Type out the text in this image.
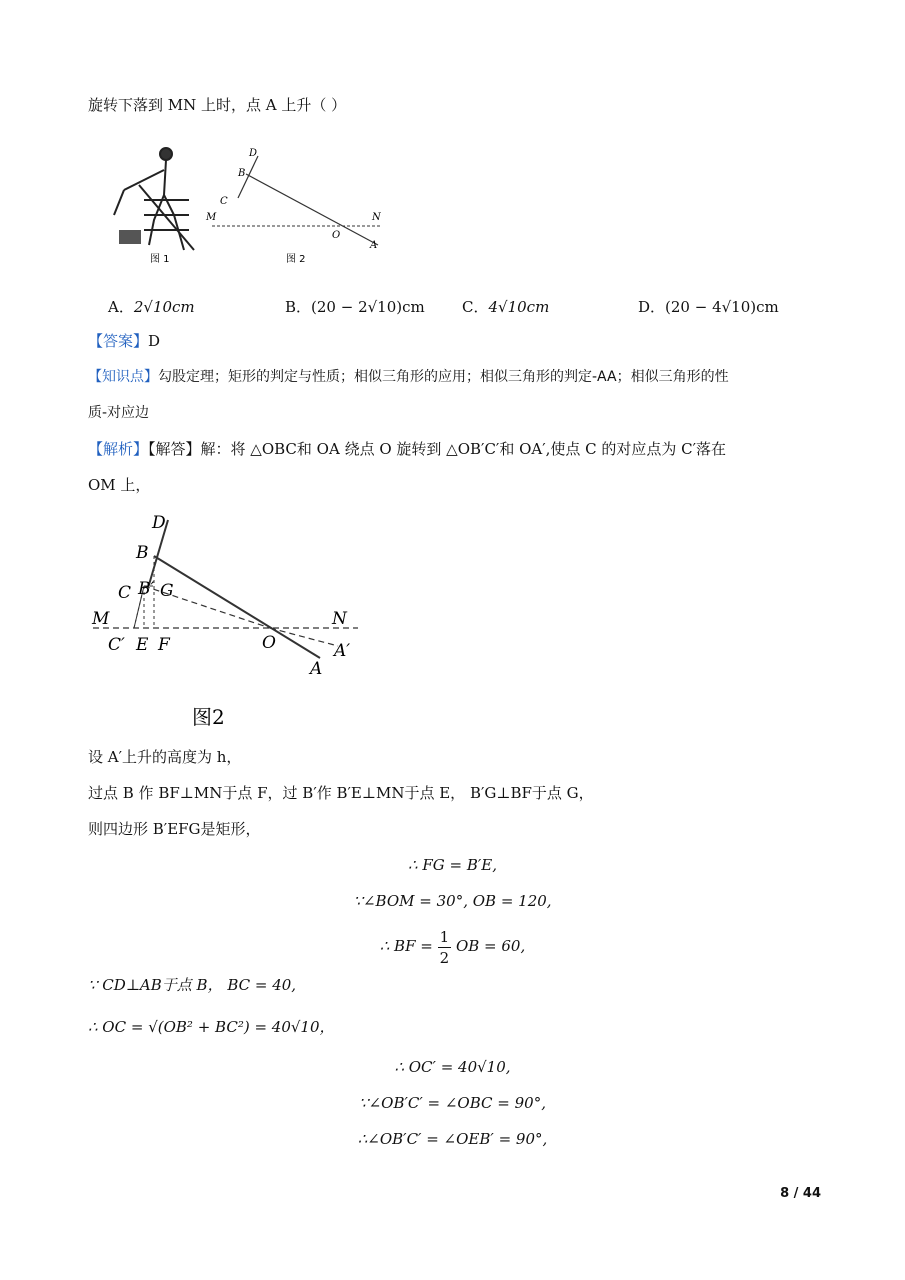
旋转下落到 MN 上时，点 A 上升（ ）
图 1
D
B
C
M	N
O
A
图 2
A．2√10cm	B．(20 − 2√10)cm C．4√10cm	D．(20 − 4√10)cm
【答案】D
【知识点】勾股定理；矩形的判定与性质；相似三角形的应用；相似三角形的判定-AA；相似三角形的性
质-对应边
【解析】【解答】解：将 △OBC和 OA 绕点 O 旋转到 △OB′C′和 OA′,使点 C 的对应点为 C′落在
OM 上，
D
B
C B′ G
M	N
C′ E F	O	A′
A
图2
设 A′上升的高度为 h，
过点 B 作 BF⊥MN于点 F，过 B′作 B′E⊥MN于点 E， B′G⊥BF于点 G，
则四边形 B′EFG是矩形，
∴ FG = B′E,
∵∠BOM = 30°, OB = 120,
∴ BF = $\frac{1}{2}$ OB = 60,
∵ CD⊥AB于点 B， BC = 40,
∴ OC = √(OB² + BC²) = 40√10，
∴ OC′ = 40√10,
∵∠OB′C′ = ∠OBC = 90°,
∴∠OB′C′ = ∠OEB′ = 90°,
8 / 44
